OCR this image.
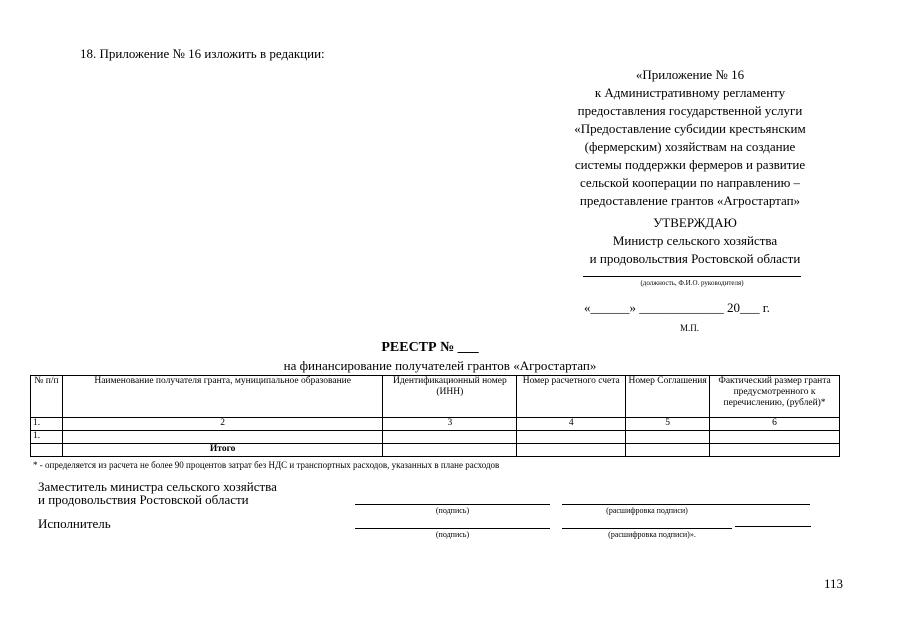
18. Приложение № 16 изложить в редакции:
«Приложение № 16
к Административному регламенту
предоставления государственной услуги
«Предоставление субсидии крестьянским
(фермерским) хозяйствам на создание
системы поддержки фермеров и развитие
сельской кооперации по направлению –
предоставление грантов «Агростартап»
УТВЕРЖДАЮ
Министр сельского хозяйства
и продовольствия Ростовской области
(должность, Ф.И.О. руководителя)
«______» _____________ 20___ г.
М.П.
РЕЕСТР № ___
на финансирование получателей грантов «Агростартап»
№ п/п	Наименование получателя гранта, муниципальное образование	Идентификационный номер (ИНН)	Номер расчетного счета	Номер Соглашения	Фактический размер гранта предусмотренного к перечислению, (рублей)*
1.	2	3	4	5	6
1.					
	Итого				
* - определяется из расчета не более 90 процентов затрат без НДС и транспортных расходов, указанных в плане расходов
Заместитель министра сельского хозяйства
и продовольствия Ростовской области
(подпись)	(расшифровка подписи)
Исполнитель
(подпись)	(расшифровка подписи)».
113
